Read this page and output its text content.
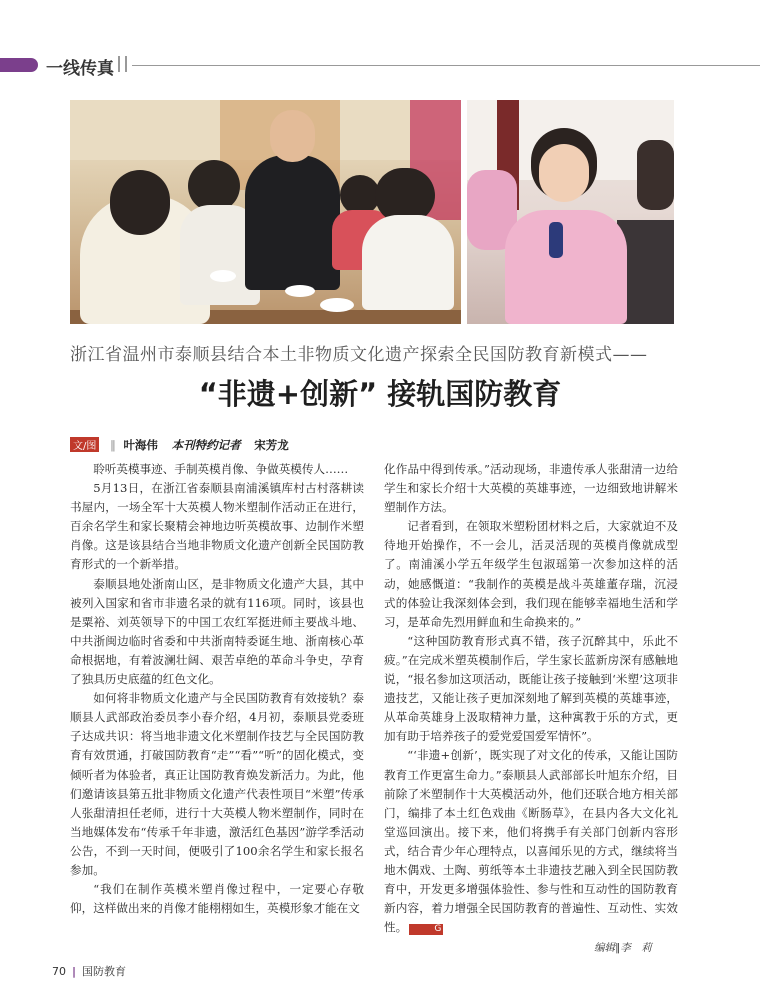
一线传真
浙江省温州市泰顺县结合本土非物质文化遗产探索全民国防教育新模式——
“非遗+创新” 接轨国防教育
文/图 ∥ 叶海伟 本刊特约记者 宋芳龙

聆听英模事迹、手制英模肖像、争做英模传人……

5月13日，在浙江省泰顺县南浦溪镇库村古村落耕读书屋内，一场全军十大英模人物米塑制作活动正在进行，百余名学生和家长聚精会神地边听英模故事、边制作米塑肖像。这是该县结合当地非物质文化遗产创新全民国防教育形式的一个新举措。

泰顺县地处浙南山区，是非物质文化遗产大县，其中被列入国家和省市非遗名录的就有116项。同时，该县也是粟裕、刘英领导下的中国工农红军挺进师主要战斗地、中共浙闽边临时省委和中共浙南特委诞生地、浙南核心革命根据地，有着波澜壮阔、艰苦卓绝的革命斗争史，孕育了独具历史底蕴的红色文化。

如何将非物质文化遗产与全民国防教育有效接轨？泰顺县人武部政治委员李小春介绍，4月初，泰顺县党委班子达成共识：将当地非遗文化米塑制作技艺与全民国防教育有效贯通，打破国防教育“走”“看”“听”的固化模式，变倾听者为体验者，真正让国防教育焕发新活力。为此，他们邀请该县第五批非物质文化遗产代表性项目“米塑”传承人张甜清担任老师，进行十大英模人物米塑制作，同时在当地媒体发布“传承千年非遗，激活红色基因”游学季活动公告，不到一天时间，便吸引了100余名学生和家长报名参加。

“我们在制作英模米塑肖像过程中，一定要心存敬仰，这样做出来的肖像才能栩栩如生，英模形象才能在文

化作品中得到传承。”活动现场，非遗传承人张甜清一边给学生和家长介绍十大英模的英雄事迹，一边细致地讲解米塑制作方法。

记者看到，在领取米塑粉团材料之后，大家就迫不及待地开始操作，不一会儿，活灵活现的英模肖像就成型了。南浦溪小学五年级学生包淑瑶第一次参加这样的活动，她感慨道：“我制作的英模是战斗英雄董存瑞，沉浸式的体验让我深刻体会到，我们现在能够幸福地生活和学习，是革命先烈用鲜血和生命换来的。”

“这种国防教育形式真不错，孩子沉醉其中，乐此不疲。”在完成米塑英模制作后，学生家长蓝新房深有感触地说，“报名参加这项活动，既能让孩子接触到‘米塑’这项非遗技艺，又能让孩子更加深刻地了解到英模的英雄事迹，从革命英雄身上汲取精神力量，这种寓教于乐的方式，更加有助于培养孩子的爱党爱国爱军情怀”。

“‘非遗+创新’，既实现了对文化的传承，又能让国防教育工作更富生命力。”泰顺县人武部部长叶旭东介绍，目前除了米塑制作十大英模活动外，他们还联合地方相关部门，编排了本土红色戏曲《断肠草》，在县内各大文化礼堂巡回演出。接下来，他们将携手有关部门创新内容形式，结合青少年心理特点，以喜闻乐见的方式，继续将当地木偶戏、土陶、剪纸等本土非遗技艺融入到全民国防教育中，开发更多增强体验性、参与性和互动性的国防教育新内容，着力增强全民国防教育的普遍性、互动性、实效性。	G

编辑∥李　莉
70 | 国防教育
